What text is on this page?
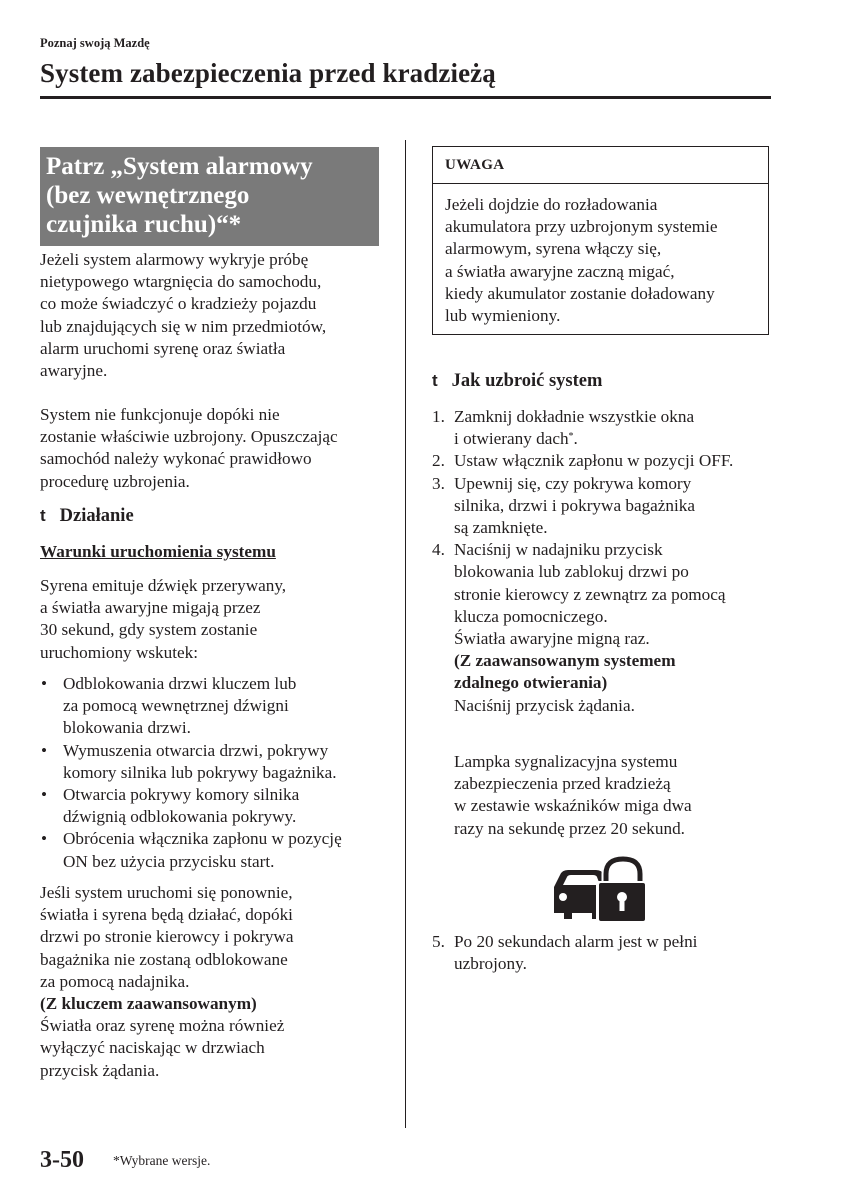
Poznaj swoją Mazdę
System zabezpieczenia przed kradzieżą
Patrz „System alarmowy
(bez wewnętrznego
czujnika ruchu)“*
Jeżeli system alarmowy wykryje próbę
nietypowego wtargnięcia do samochodu,
co może świadczyć o kradzieży pojazdu
lub znajdujących się w nim przedmiotów,
alarm uruchomi syrenę oraz światła
awaryjne.
System nie funkcjonuje dopóki nie
zostanie właściwie uzbrojony. Opuszczając
samochód należy wykonać prawidłowo
procedurę uzbrojenia.
t Działanie
Warunki uruchomienia systemu
Syrena emituje dźwięk przerywany,
a światła awaryjne migają przez
30 sekund, gdy system zostanie
uruchomiony wskutek:
• Odblokowania drzwi kluczem lub
za pomocą wewnętrznej dźwigni
blokowania drzwi.
• Wymuszenia otwarcia drzwi, pokrywy
komory silnika lub pokrywy bagażnika.
• Otwarcia pokrywy komory silnika
dźwignią odblokowania pokrywy.
• Obrócenia włącznika zapłonu w pozycję
ON bez użycia przycisku start.
Jeśli system uruchomi się ponownie,
światła i syrena będą działać, dopóki
drzwi po stronie kierowcy i pokrywa
bagażnika nie zostaną odblokowane
za pomocą nadajnika.
(Z kluczem zaawansowanym)
Światła oraz syrenę można również
wyłączyć naciskając w drzwiach
przycisk żądania.
UWAGA
Jeżeli dojdzie do rozładowania
akumulatora przy uzbrojonym systemie
alarmowym, syrena włączy się,
a światła awaryjne zaczną migać,
kiedy akumulator zostanie doładowany
lub wymieniony.
t Jak uzbroić system
1. Zamknij dokładnie wszystkie okna
i otwierany dach*.
2. Ustaw włącznik zapłonu w pozycji OFF.
3. Upewnij się, czy pokrywa komory
silnika, drzwi i pokrywa bagażnika
są zamknięte.
4. Naciśnij w nadajniku przycisk
blokowania lub zablokuj drzwi po
stronie kierowcy z zewnątrz za pomocą
klucza pomocniczego.
Światła awaryjne migną raz.
(Z zaawansowanym systemem
zdalnego otwierania)
Naciśnij przycisk żądania.
Lampka sygnalizacyjna systemu
zabezpieczenia przed kradzieżą
w zestawie wskaźników miga dwa
razy na sekundę przez 20 sekund.
5. Po 20 sekundach alarm jest w pełni
uzbrojony.
3-50 *Wybrane wersje.
